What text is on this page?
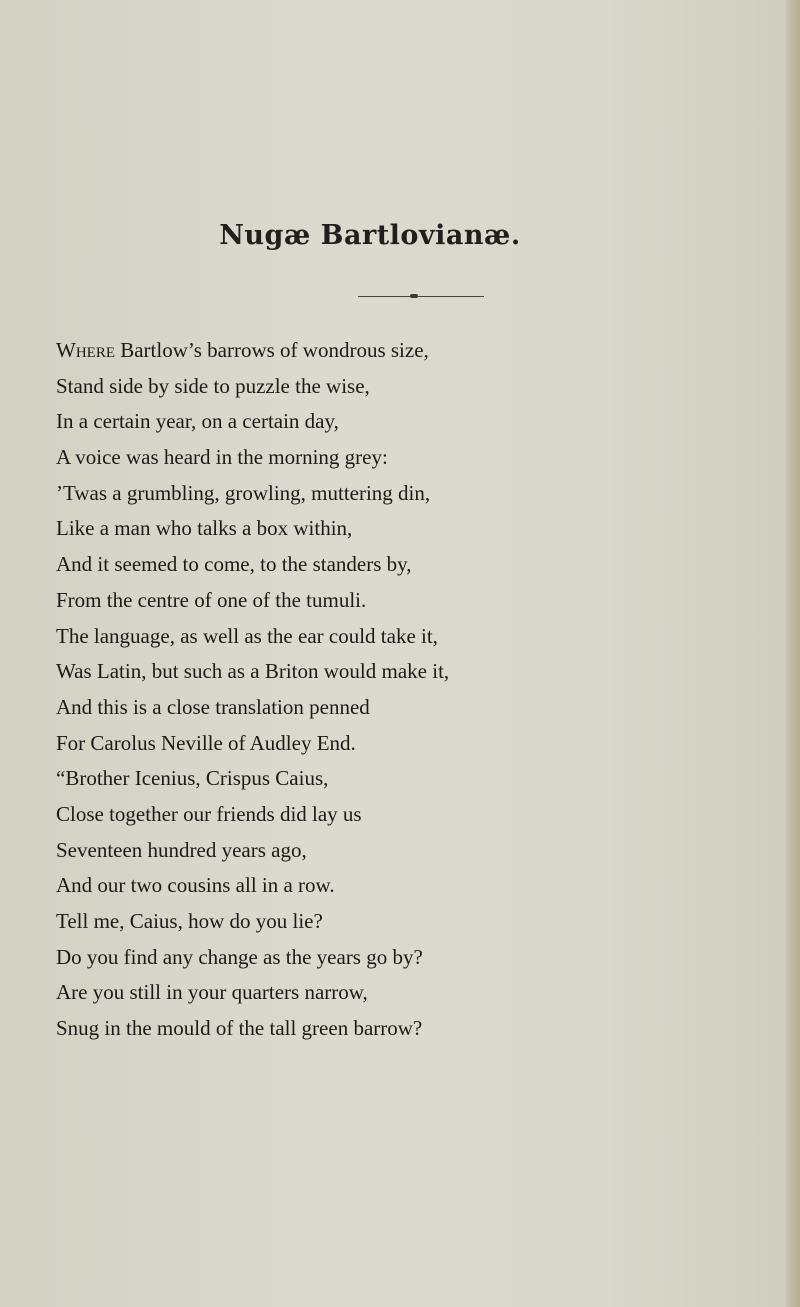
Nugæ Bartlovianæ.
Where Bartlow’s barrows of wondrous size,
Stand side by side to puzzle the wise,
In a certain year, on a certain day,
A voice was heard in the morning grey:
’Twas a grumbling, growling, muttering din,
Like a man who talks a box within,
And it seemed to come, to the standers by,
From the centre of one of the tumuli.
The language, as well as the ear could take it,
Was Latin, but such as a Briton would make it,
And this is a close translation penned
For Carolus Neville of Audley End.
“Brother Icenius, Crispus Caius,
Close together our friends did lay us
Seventeen hundred years ago,
And our two cousins all in a row.
Tell me, Caius, how do you lie?
Do you find any change as the years go by?
Are you still in your quarters narrow,
Snug in the mould of the tall green barrow?
